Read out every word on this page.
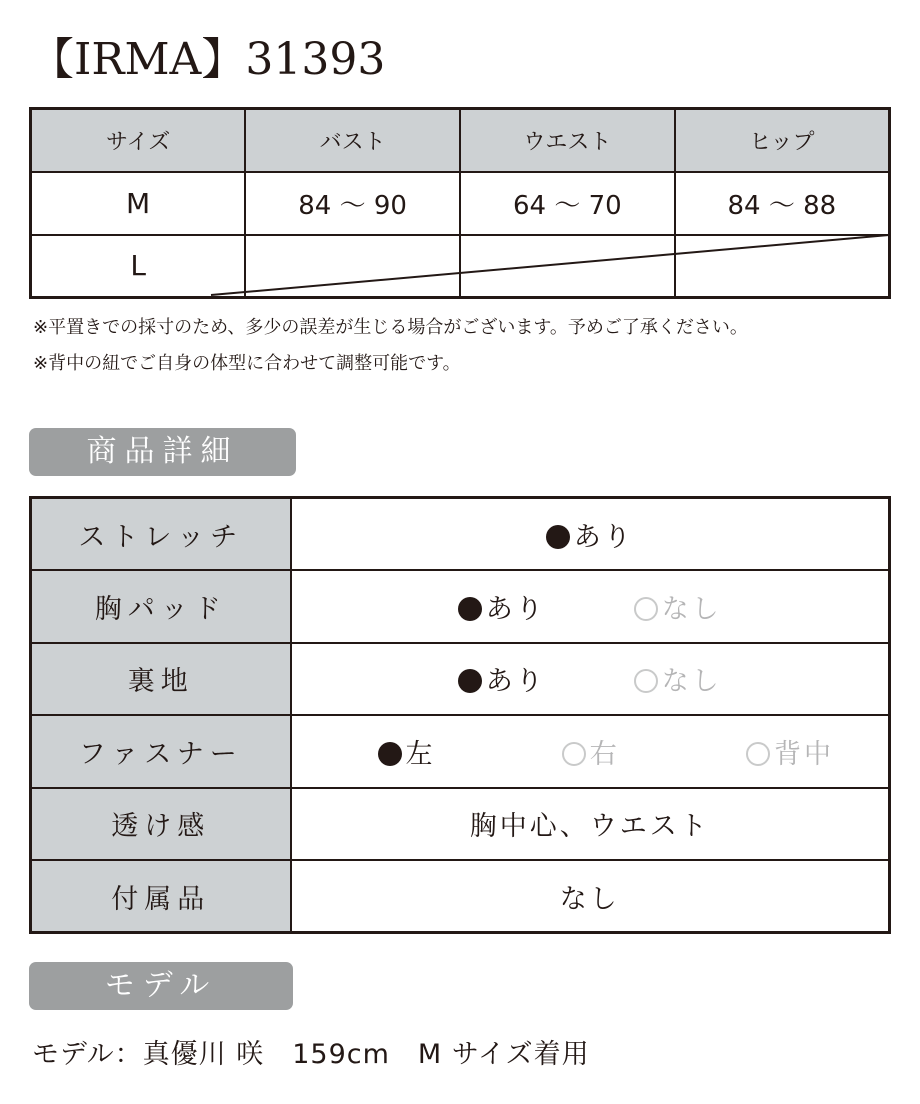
【IRMA】31393
サイズ	バスト	ウエスト	ヒップ
M	84 〜 90	64 〜 70	84 〜 88
L			
※平置きでの採寸のため、多少の誤差が生じる場合がございます。予めご了承ください。
※背中の紐でご自身の体型に合わせて調整可能です。
商品詳細
ストレッチ	あり
胸パッド	あり なし

裏地	あり なし

ファスナー	左 右 背中

透け感	胸中心、ウエスト
付属品	なし
モデル
モデル：真優川 咲　159cm　M サイズ着用
